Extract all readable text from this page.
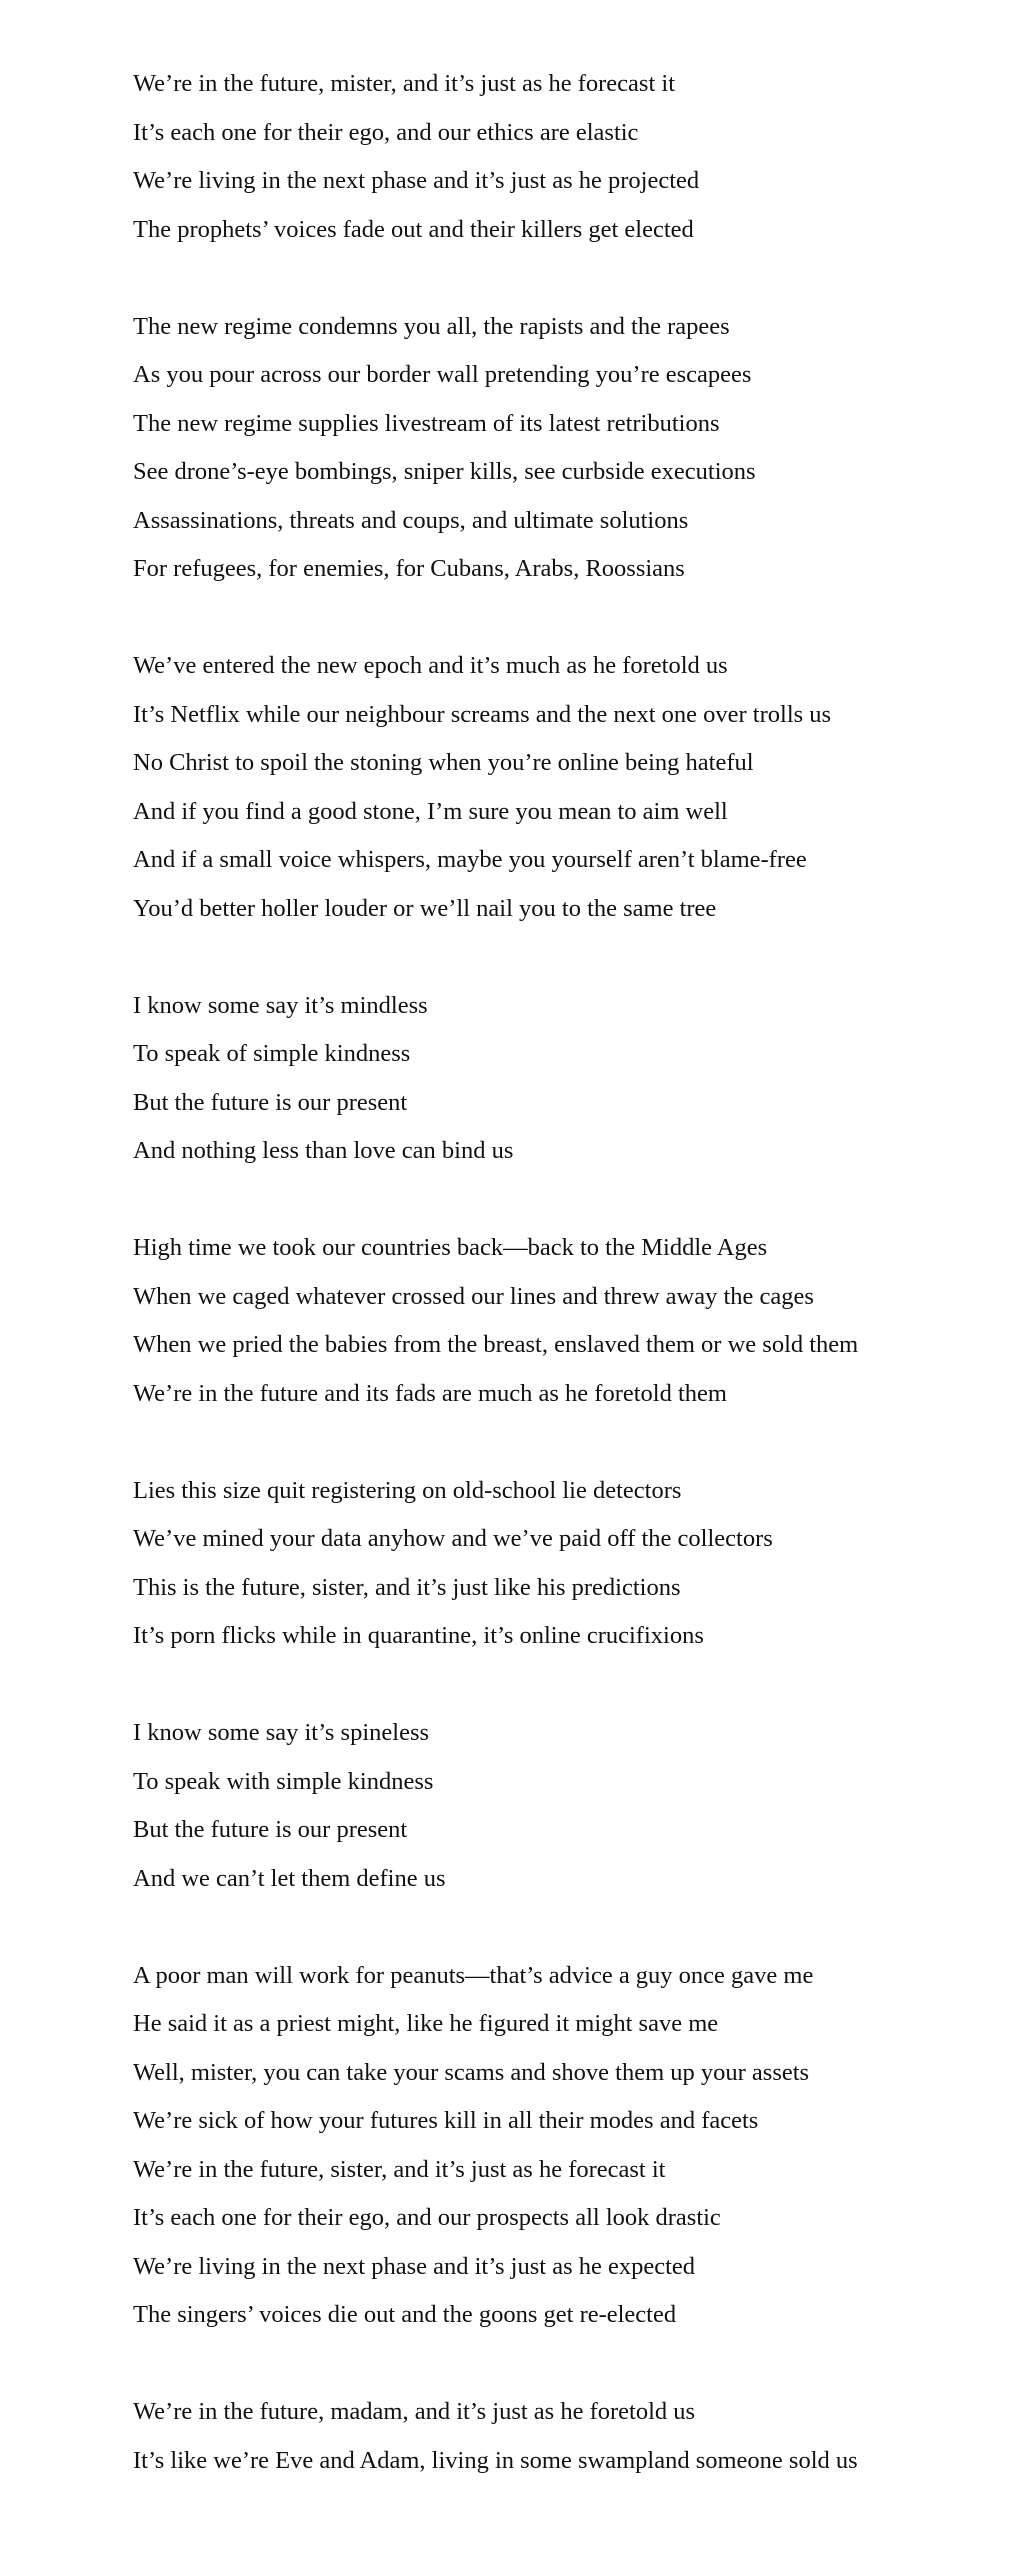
We’re in the future, mister, and it’s just as he forecast it
It’s each one for their ego, and our ethics are elastic
We’re living in the next phase and it’s just as he projected
The prophets’ voices fade out and their killers get elected
The new regime condemns you all, the rapists and the rapees
As you pour across our border wall pretending you’re escapees
The new regime supplies livestream of its latest retributions
See drone’s-eye bombings, sniper kills, see curbside executions
Assassinations, threats and coups, and ultimate solutions
For refugees, for enemies, for Cubans, Arabs, Roossians
We’ve entered the new epoch and it’s much as he foretold us
It’s Netflix while our neighbour screams and the next one over trolls us
No Christ to spoil the stoning when you’re online being hateful
And if you find a good stone, I’m sure you mean to aim well
And if a small voice whispers, maybe you yourself aren’t blame-free
You’d better holler louder or we’ll nail you to the same tree
I know some say it’s mindless
To speak of simple kindness
But the future is our present
And nothing less than love can bind us
High time we took our countries back—back to the Middle Ages
When we caged whatever crossed our lines and threw away the cages
When we pried the babies from the breast, enslaved them or we sold them
We’re in the future and its fads are much as he foretold them
Lies this size quit registering on old-school lie detectors
We’ve mined your data anyhow and we’ve paid off the collectors
This is the future, sister, and it’s just like his predictions
It’s porn flicks while in quarantine, it’s online crucifixions
I know some say it’s spineless
To speak with simple kindness
But the future is our present
And we can’t let them define us
A poor man will work for peanuts—that’s advice a guy once gave me
He said it as a priest might, like he figured it might save me
Well, mister, you can take your scams and shove them up your assets
We’re sick of how your futures kill in all their modes and facets
We’re in the future, sister, and it’s just as he forecast it
It’s each one for their ego, and our prospects all look drastic
We’re living in the next phase and it’s just as he expected
The singers’ voices die out and the goons get re-elected
We’re in the future, madam, and it’s just as he foretold us
It’s like we’re Eve and Adam, living in some swampland someone sold us
